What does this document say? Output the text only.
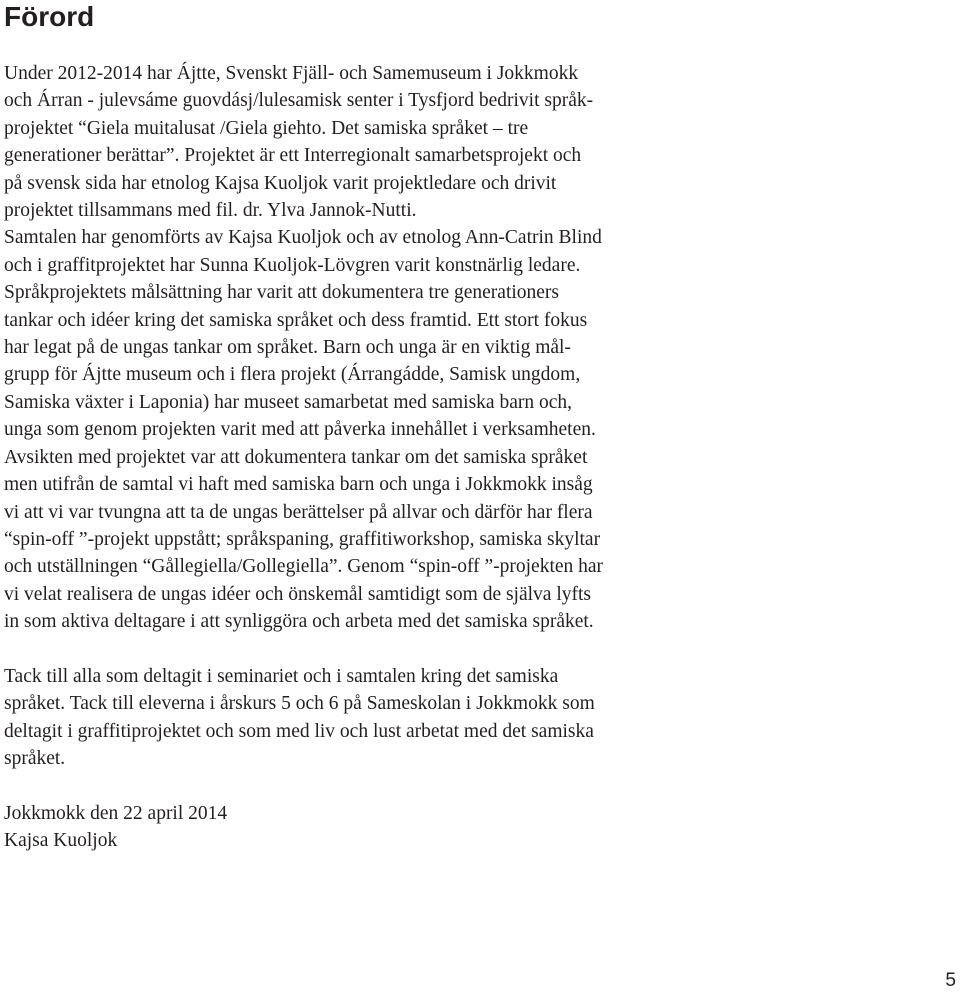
Förord
Under 2012-2014 har Ájtte, Svenskt Fjäll- och Samemuseum i Jokkmokk
och Árran - julevsáme guovdásj/lulesamisk senter i Tysfjord bedrivit språk-
projektet “Giela muitalusat /Giela giehto. Det samiska språket – tre
generationer berättar”. Projektet är ett Interregionalt samarbetsprojekt och
på svensk sida har etnolog Kajsa Kuoljok varit projektledare och drivit
projektet tillsammans med fil. dr. Ylva Jannok-Nutti.
Samtalen har genomförts av Kajsa Kuoljok och av etnolog Ann-Catrin Blind
och i graffitprojektet har Sunna Kuoljok-Lövgren varit konstnärlig ledare.
Språkprojektets målsättning har varit att dokumentera tre generationers
tankar och idéer kring det samiska språket och dess framtid. Ett stort fokus
har legat på de ungas tankar om språket. Barn och unga är en viktig mål-
grupp för Ájtte museum och i flera projekt (Árrangádde, Samisk ungdom,
Samiska växter i Laponia) har museet samarbetat med samiska barn och,
unga som genom projekten varit med att påverka innehållet i verksamheten.
Avsikten med projektet var att dokumentera tankar om det samiska språket
men utifrån de samtal vi haft med samiska barn och unga i Jokkmokk insåg
vi att vi var tvungna att ta de ungas berättelser på allvar och därför har flera
“spin-off ”-projekt uppstått; språkspaning, graffitiworkshop, samiska skyltar
och utställningen “Gållegiella/Gollegiella”. Genom “spin-off ”-projekten har
vi velat realisera de ungas idéer och önskemål samtidigt som de själva lyfts
in som aktiva deltagare i att synliggöra och arbeta med det samiska språket.
Tack till alla som deltagit i seminariet och i samtalen kring det samiska
språket. Tack till eleverna i årskurs 5 och 6 på Sameskolan i Jokkmokk som
deltagit i graffitiprojektet och som med liv och lust arbetat med det samiska
språket.
Jokkmokk den 22 april 2014
Kajsa Kuoljok
5
